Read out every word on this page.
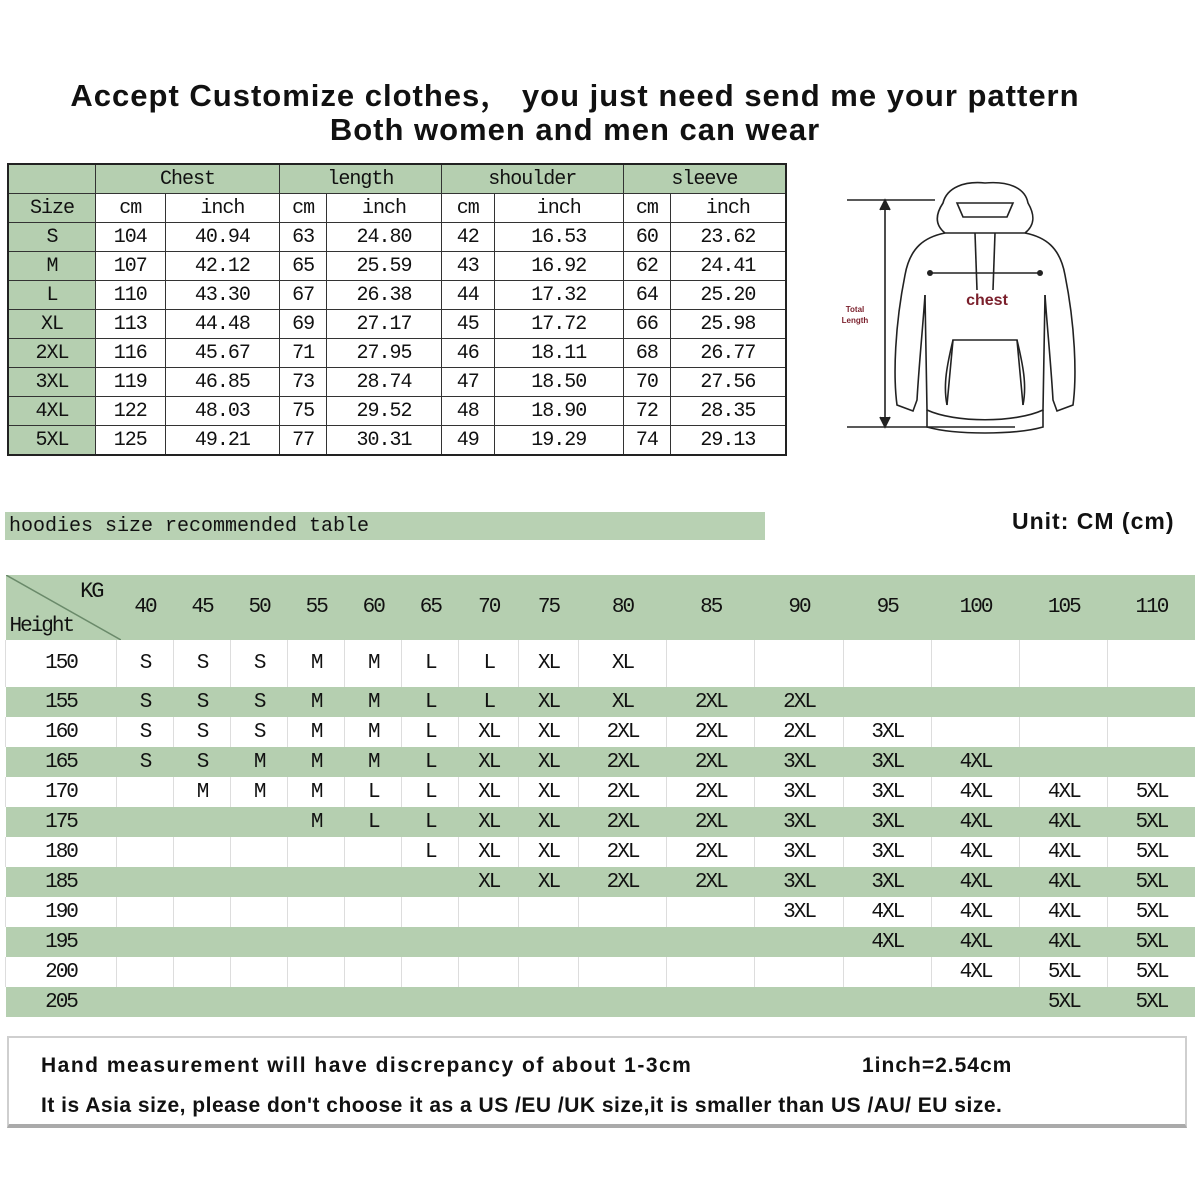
Accept Customize clothes， you just need send me your pattern
Both women and men can wear
	Chest		length		shoulder		sleeve	
Size	cm	inch	cm	inch	cm	inch	cm	inch
S	104	40.94	63	24.80	42	16.53	60	23.62
M	107	42.12	65	25.59	43	16.92	62	24.41
L	110	43.30	67	26.38	44	17.32	64	25.20
XL	113	44.48	69	27.17	45	17.72	66	25.98
2XL	116	45.67	71	27.95	46	18.11	68	26.77
3XL	119	46.85	73	28.74	47	18.50	70	27.56
4XL	122	48.03	75	29.52	48	18.90	72	28.35
5XL	125	49.21	77	30.31	49	19.29	74	29.13
chest
Total
Length
hoodies size recommended table	Unit: CM (cm)
KG
Height	40	45	50	55	60	65	70	75	80	85	90	95	100	105	110
150	S	S	S	M	M	L	L	XL	XL						
155	S	S	S	M	M	L	L	XL	XL	2XL	2XL				
160	S	S	S	M	M	L	XL	XL	2XL	2XL	2XL	3XL			
165	S	S	M	M	M	L	XL	XL	2XL	2XL	3XL	3XL	4XL		
170		M	M	M	L	L	XL	XL	2XL	2XL	3XL	3XL	4XL	4XL	5XL
175				M	L	L	XL	XL	2XL	2XL	3XL	3XL	4XL	4XL	5XL
180						L	XL	XL	2XL	2XL	3XL	3XL	4XL	4XL	5XL
185							XL	XL	2XL	2XL	3XL	3XL	4XL	4XL	5XL
190											3XL	4XL	4XL	4XL	5XL
195												4XL	4XL	4XL	5XL
200													4XL	5XL	5XL
205														5XL	5XL
Hand measurement will have discrepancy of about 1-3cm	1inch=2.54cm
It is Asia size, please don't choose it as a US /EU /UK size,it is smaller than US /AU/ EU size.
